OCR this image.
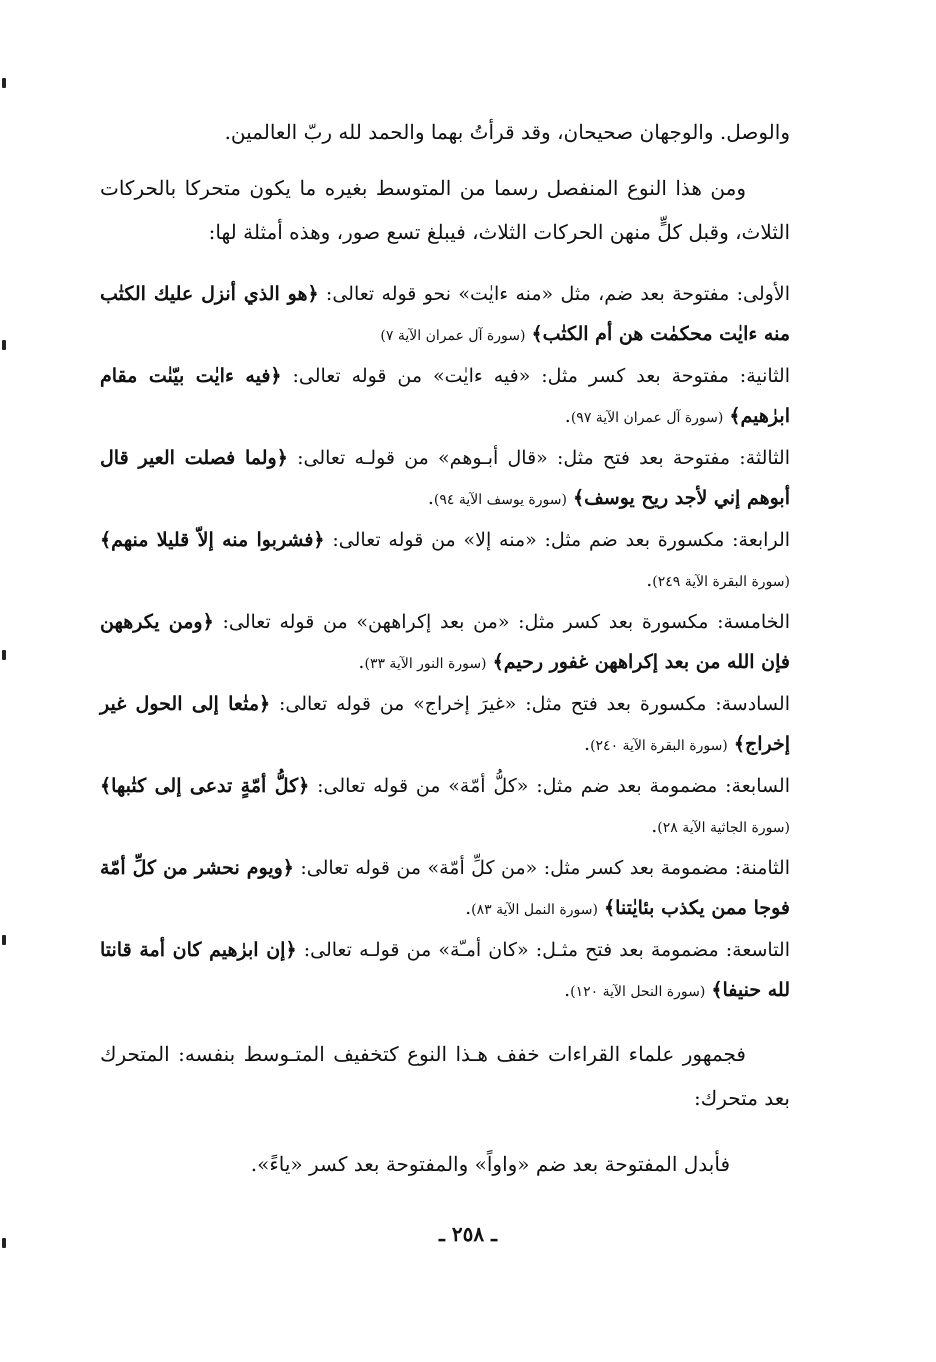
والوصل. والوجهان صحيحان، وقد قرأتُ بهما والحمد لله ربّ العالمين.

ومن هذا النوع المنفصل رسما من المتوسط بغيره ما يكون متحركا بالحركات الثلاث، وقبل كلٍّ منهن الحركات الثلاث، فيبلغ تسع صور، وهذه أمثلة لها:

الأولى: مفتوحة بعد ضم، مثل «منه ءايٰت» نحو قوله تعالى: ﴿هو الذي أنزل عليك الكتٰب منه ءايٰت محكمٰت هن أم الكتٰب﴾ (سورة آل عمران الآية ٧)

الثانية: مفتوحة بعد كسر مثل: «فيه ءايٰت» من قوله تعالى: ﴿فيه ءايٰت بيّنٰت مقام ابرٰهيم﴾ (سورة آل عمران الآية ٩٧).

الثالثة: مفتوحة بعد فتح مثل: «قال أبـوهم» من قولـه تعالى: ﴿ولما فصلت العير قال أبوهم إني لأجد ريح يوسف﴾ (سورة يوسف الآية ٩٤).

الرابعة: مكسورة بعد ضم مثل: «منه إلا» من قوله تعالى: ﴿فشربوا منه إلاّ قليلا منهم﴾ (سورة البقرة الآية ٢٤٩).

الخامسة: مكسورة بعد كسر مثل: «من بعد إكراههن» من قوله تعالى: ﴿ومن يكرههن فإن الله من بعد إكراههن غفور رحيم﴾ (سورة النور الآية ٣٣).

السادسة: مكسورة بعد فتح مثل: «غيرَ إخراج» من قوله تعالى: ﴿متٰعا إلى الحول غير إخراج﴾ (سورة البقرة الآية ٢٤٠).

السابعة: مضمومة بعد ضم مثل: «كلُّ أمّة» من قوله تعالى: ﴿كلُّ أمّةٍ تدعى إلى كتٰبها﴾ (سورة الجاثية الآية ٢٨).

الثامنة: مضمومة بعد كسر مثل: «من كلِّ أمّة» من قوله تعالى: ﴿ويوم نحشر من كلِّ أمّة فوجا ممن يكذب بئايٰتنا﴾ (سورة النمل الآية ٨٣).

التاسعة: مضمومة بعد فتح مثـل: «كان أمـّة» من قولـه تعالى: ﴿إن ابرٰهيم كان أمة قانتا لله حنيفا﴾ (سورة النحل الآية ١٢٠).

فجمهور علماء القراءات خفف هـذا النوع كتخفيف المتـوسط بنفسه: المتحرك بعد متحرك:

فأبدل المفتوحة بعد ضم «واواً» والمفتوحة بعد كسر «ياءً».

ـ ٢٥٨ ـ
